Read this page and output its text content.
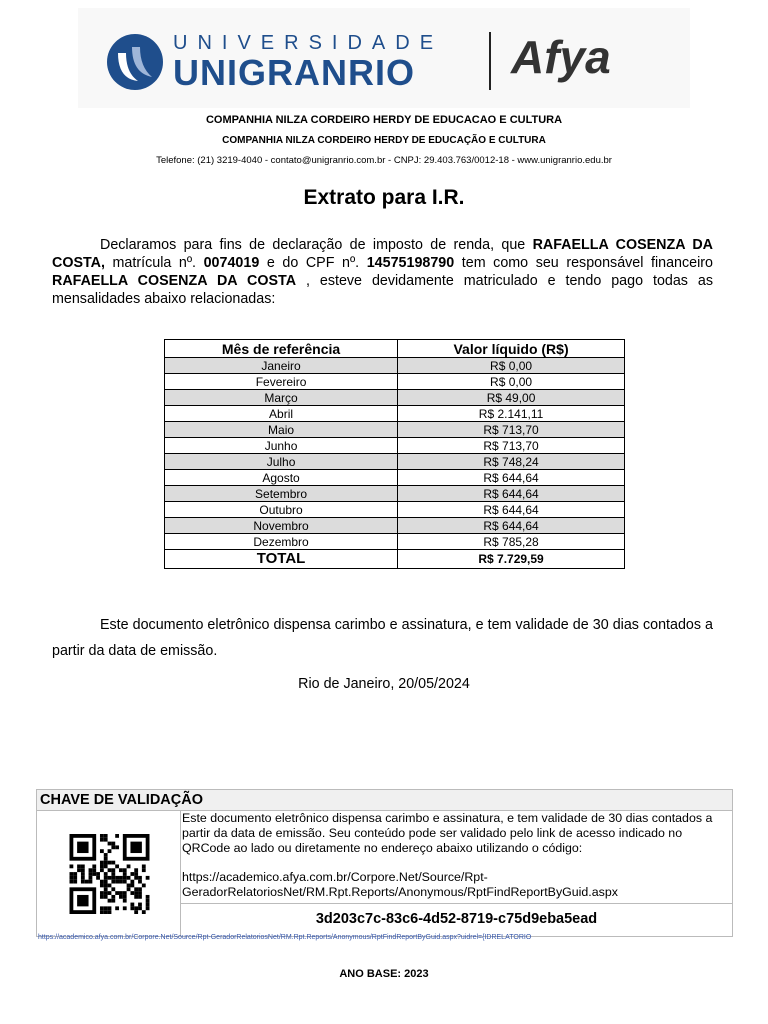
UNIVERSIDADE
UNIGRANRIO Afya
COMPANHIA NILZA CORDEIRO HERDY DE EDUCACAO E CULTURA
COMPANHIA NILZA CORDEIRO HERDY DE EDUCAÇÃO E CULTURA
Telefone: (21) 3219-4040 - contato@unigranrio.com.br - CNPJ: 29.403.763/0012-18 - www.unigranrio.edu.br
Extrato para I.R.

Declaramos para fins de declaração de imposto de renda, que RAFAELLA COSENZA DA COSTA, matrícula nº. 0074019 e do CPF nº. 14575198790 tem como seu responsável financeiro RAFAELLA COSENZA DA COSTA , esteve devidamente matriculado e tendo pago todas as mensalidades abaixo relacionadas:

Mês de referência	Valor líquido (R$)
Janeiro	R$ 0,00
Fevereiro	R$ 0,00
Março	R$ 49,00
Abril	R$ 2.141,11
Maio	R$ 713,70
Junho	R$ 713,70
Julho	R$ 748,24
Agosto	R$ 644,64
Setembro	R$ 644,64
Outubro	R$ 644,64
Novembro	R$ 644,64
Dezembro	R$ 785,28
TOTAL	R$ 7.729,59

Este documento eletrônico dispensa carimbo e assinatura, e tem validade de 30 dias contados a partir da data de emissão.

Rio de Janeiro, 20/05/2024
CHAVE DE VALIDAÇÃO

Este documento eletrônico dispensa carimbo e assinatura, e tem validade de 30 dias contados a partir da data de emissão. Seu conteúdo pode ser validado pelo link de acesso indicado no QRCode ao lado ou diretamente no endereço abaixo utilizando o código:

https://academico.afya.com.br/Corpore.Net/Source/Rpt-GeradorRelatoriosNet/RM.Rpt.Reports/Anonymous/RptFindReportByGuid.aspx

3d203c7c-83c6-4d52-8719-c75d9eba5ead
https://academico.afya.com.br/Corpore.Net/Source/Rpt-GeradorRelatoriosNet/RM.Rpt.Reports/Anonymous/RptFindReportByGuid.aspx?uidrel={IDRELATORIO
ANO BASE: 2023
